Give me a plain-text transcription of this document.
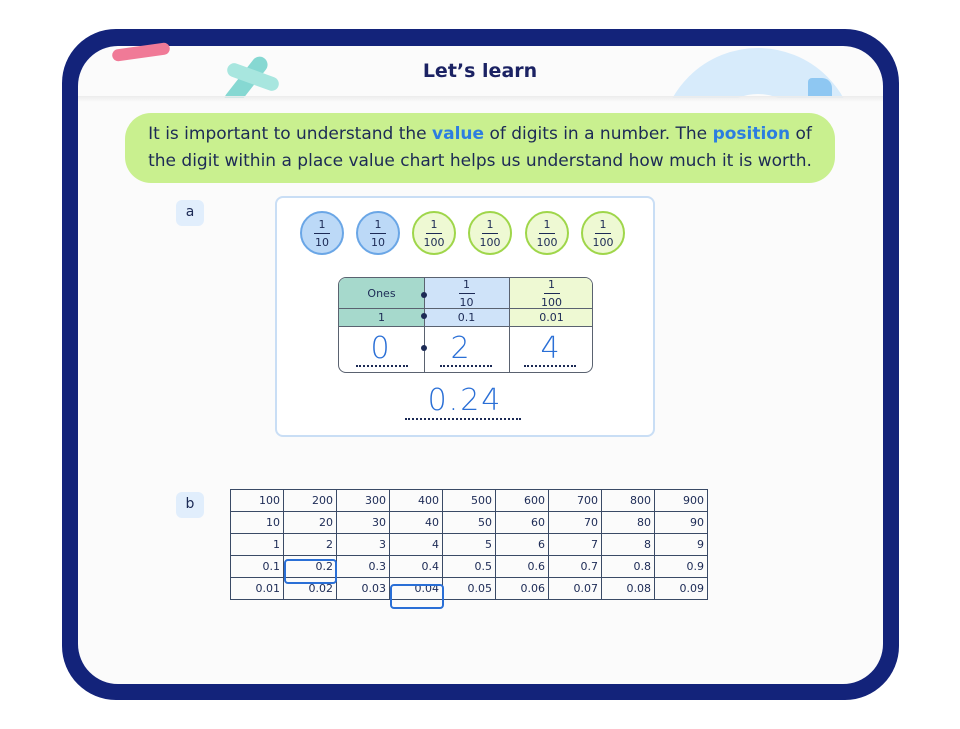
Let’s learn
It is important to understand the value of digits in a number. The position of the digit within a place value chart helps us understand how much it is worth.
a
$\frac{1}{10}$	$\frac{1}{10}$	$\frac{1}{100}$	$\frac{1}{100}$	$\frac{1}{100}$	$\frac{1}{100}$
Ones	$\frac{1}{10}$	$\frac{1}{100}$
1	0.1	0.01
0	2	4
0.24
b	100	200	300	400	500	600	700	800	900
10	20	30	40	50	60	70	80	90
1	2	3	4	5	6	7	8	9
0.1	0.2	0.3	0.4	0.5	0.6	0.7	0.8	0.9
0.01	0.02	0.03	0.04	0.05	0.06	0.07	0.08	0.09
